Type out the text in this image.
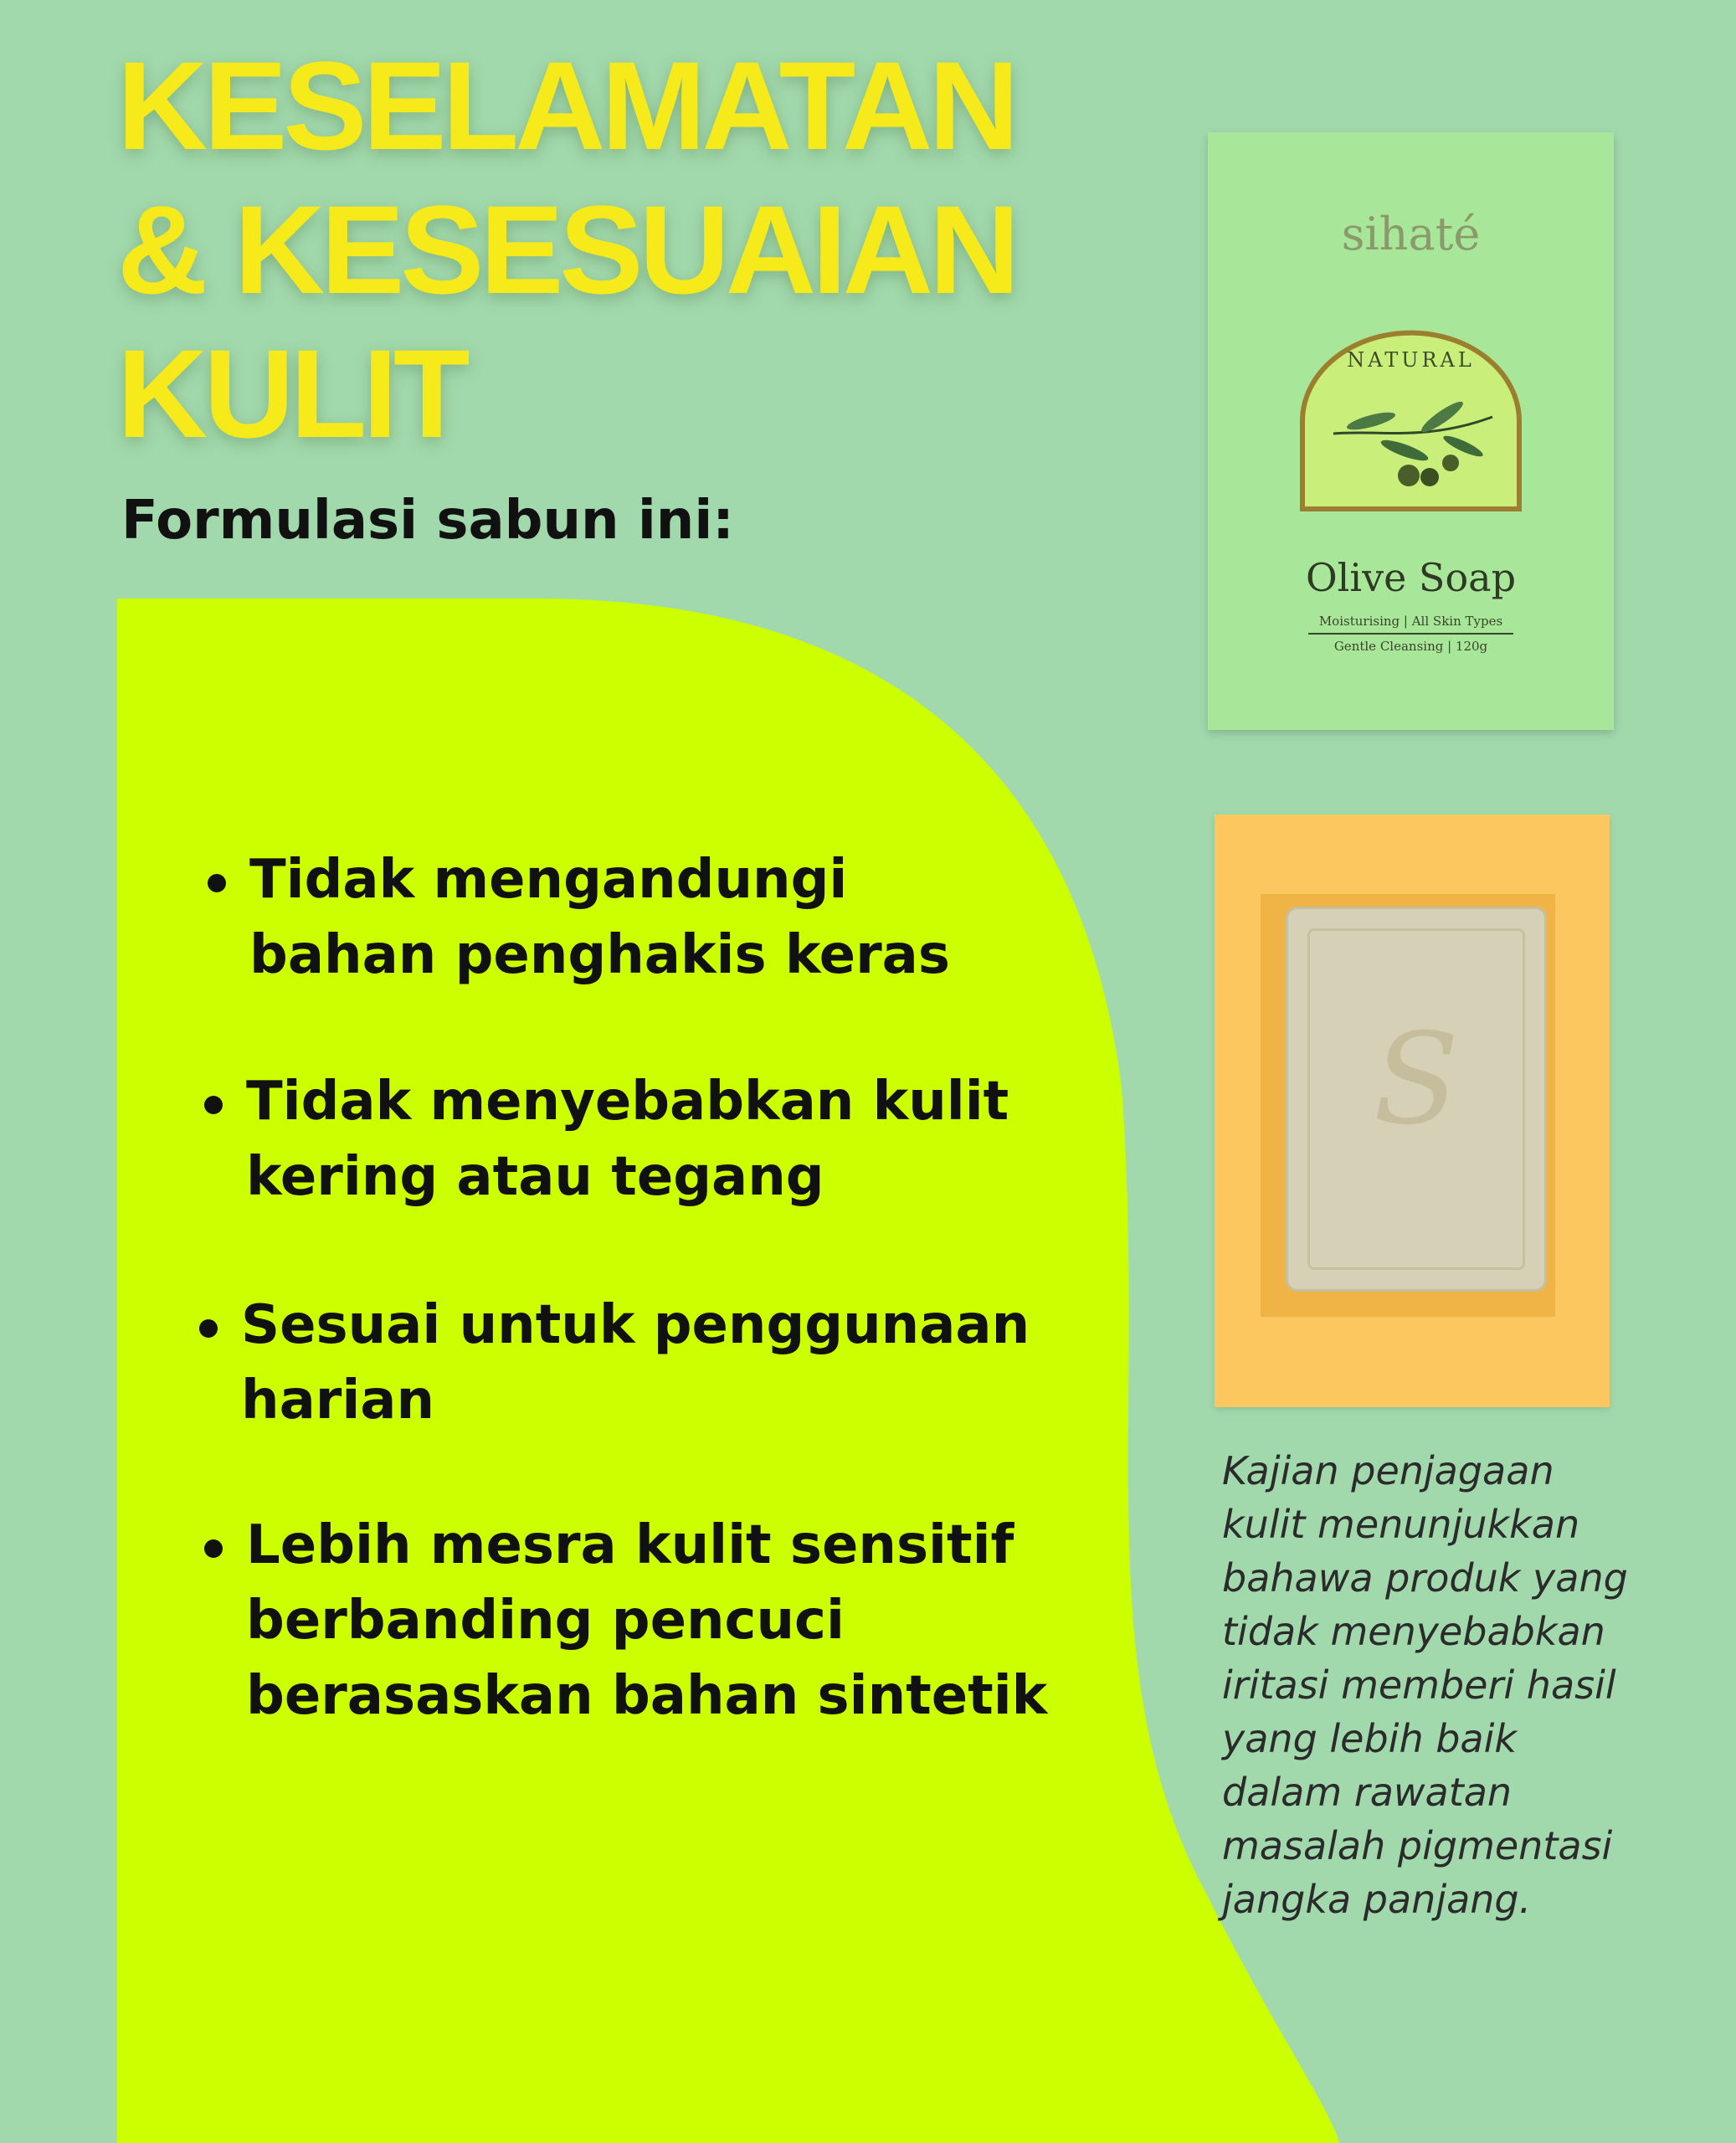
KESELAMATAN
& KESESUAIAN
KULIT
Formulasi sabun ini:
Tidak mengandungi
bahan penghakis keras
Tidak menyebabkan kulit
kering atau tegang
Sesuai untuk penggunaan
harian
Lebih mesra kulit sensitif
berbanding pencuci
berasaskan bahan sintetik
sihaté
NATURAL
Olive Soap
Moisturising | All Skin Types
Gentle Cleansing | 120g
S
Kajian penjagaan
kulit menunjukkan
bahawa produk yang
tidak menyebabkan
iritasi memberi hasil
yang lebih baik
dalam rawatan
masalah pigmentasi
jangka panjang.
